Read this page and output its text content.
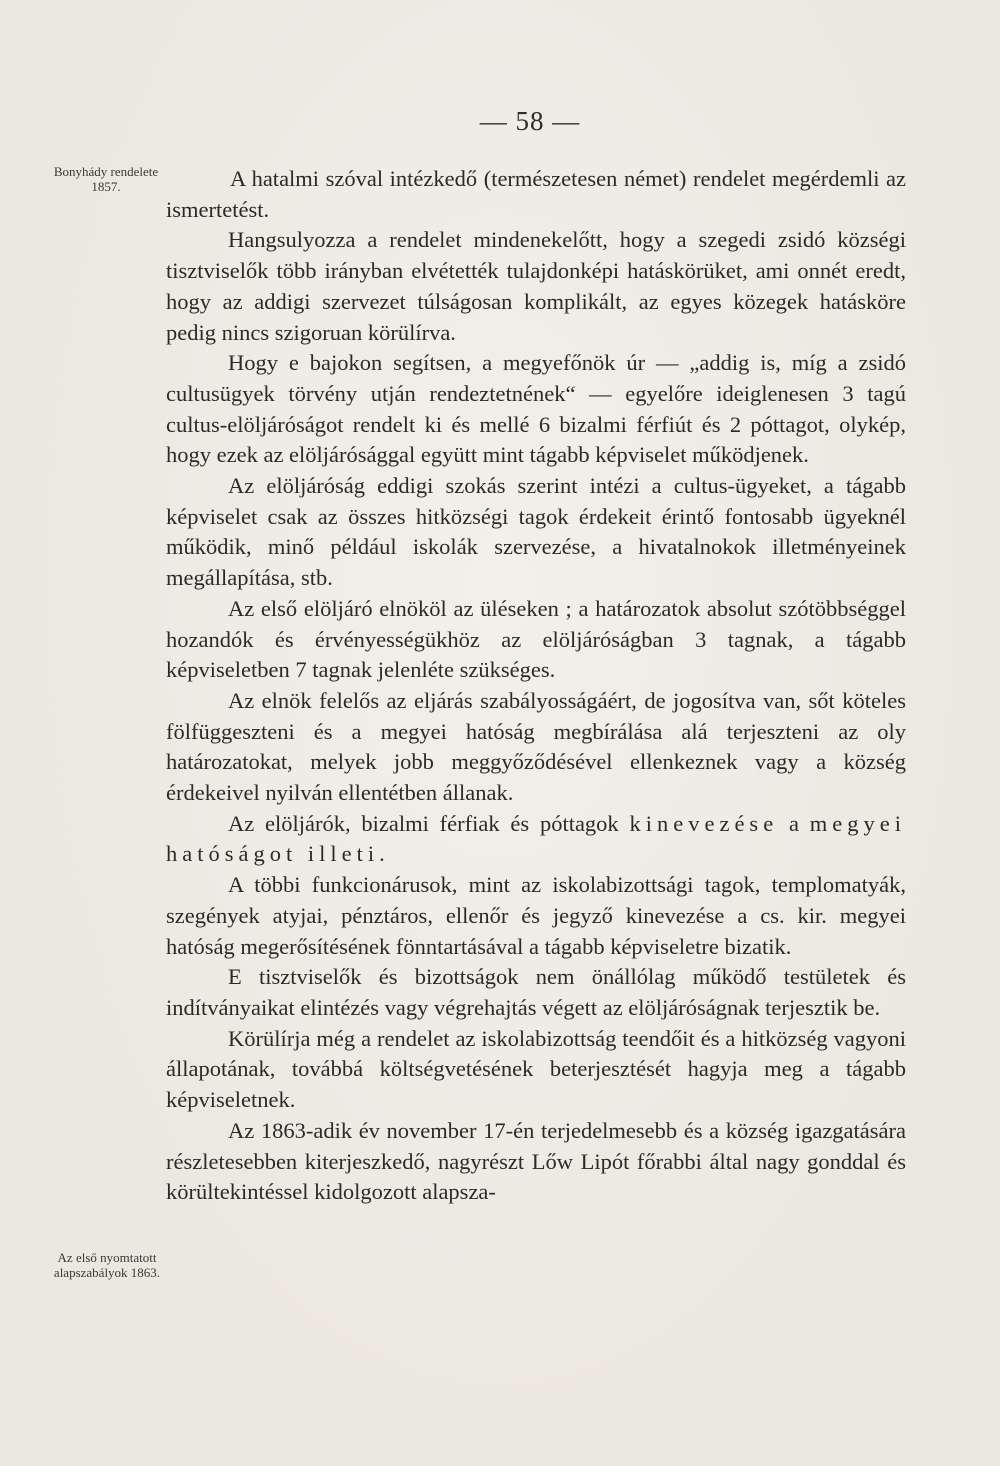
— 58 —
Bonyhády rendelete 1857.
Az első nyomtatott alapszabályok 1863.

A hatalmi szóval intézkedő (természetesen német) rendelet megérdemli az ismertetést.

Hangsulyozza a rendelet mindenekelőtt, hogy a szegedi zsidó községi tisztviselők több irányban elvétették tulajdonképi hatáskörüket, ami onnét eredt, hogy az addigi szervezet túlságosan komplikált, az egyes közegek hatásköre pedig nincs szigoruan körülírva.

Hogy e bajokon segítsen, a megyefőnök úr — „addig is, míg a zsidó cultusügyek törvény utján rendeztetnének“ — egyelőre ideiglenesen 3 tagú cultus-elöljáróságot rendelt ki és mellé 6 bizalmi férfiút és 2 póttagot, olykép, hogy ezek az elöljárósággal együtt mint tágabb képviselet működjenek.

Az elöljáróság eddigi szokás szerint intézi a cultus-ügyeket, a tágabb képviselet csak az összes hitközségi tagok érdekeit érintő fontosabb ügyeknél működik, minő például iskolák szervezése, a hivatalnokok illetményeinek megállapítása, stb.

Az első elöljáró elnököl az üléseken ; a határozatok absolut szótöbbséggel hozandók és érvényességükhöz az elöljáróságban 3 tagnak, a tágabb képviseletben 7 tagnak jelenléte szükséges.

Az elnök felelős az eljárás szabályosságáért, de jogosítva van, sőt köteles fölfüggeszteni és a megyei hatóság megbírálása alá terjeszteni az oly határozatokat, melyek jobb meggyőződésével ellenkeznek vagy a község érdekeivel nyilván ellentétben állanak.

Az elöljárók, bizalmi férfiak és póttagok kinevezése a megyei hatóságot illeti.

A többi funkcionárusok, mint az iskolabizottsági tagok, templomatyák, szegények atyjai, pénztáros, ellenőr és jegyző kinevezése a cs. kir. megyei hatóság megerősítésének fönntartásával a tágabb képviseletre bizatik.

E tisztviselők és bizottságok nem önállólag működő testületek és indítványaikat elintézés vagy végrehajtás végett az elöljáróságnak terjesztik be.

Körülírja még a rendelet az iskolabizottság teendőit és a hitközség vagyoni állapotának, továbbá költségvetésének beterjesztését hagyja meg a tágabb képviseletnek.

Az 1863-adik év november 17-én terjedelmesebb és a község igazgatására részletesebben kiterjeszkedő, nagyrészt Lőw Lipót főrabbi által nagy gonddal és körültekintéssel kidolgozott alapsza-
